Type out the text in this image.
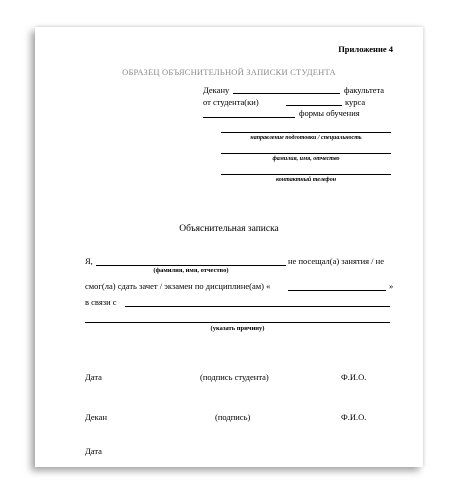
Приложение 4
ОБРАЗЕЦ ОБЪЯСНИТЕЛЬНОЙ ЗАПИСКИ СТУДЕНТА
Декану	факультета
от студента(ки)	курса
формы обучения
направление подготовки / специальность
фамилия, имя, отчество
контактный телефон
Объяснительная записка
Я,	не посещал(а) занятия / не
(фамилия, имя, отчество)
смог(ла) сдать зачет / экзамен по дисциплине(ам) «	»
в связи с
(указать причину)
Дата	(подпись студента)	Ф.И.О.
Декан	(подпись)	Ф.И.О.
Дата
